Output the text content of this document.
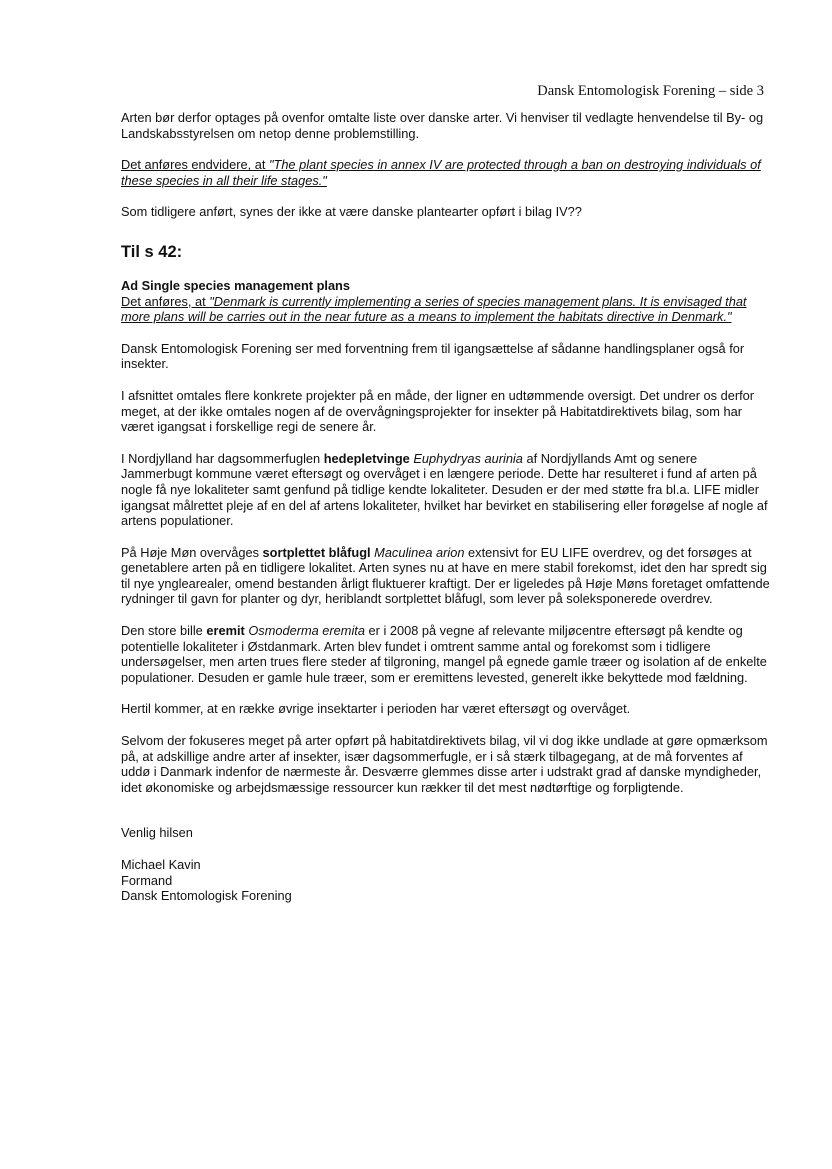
Dansk Entomologisk Forening – side 3

Arten bør derfor optages på ovenfor omtalte liste over danske arter. Vi henviser til vedlagte henvendelse til By- og Landskabsstyrelsen om netop denne problemstilling.

Det anføres endvidere, at "The plant species in annex IV are protected through a ban on destroying individuals of these species in all their life stages."

Som tidligere anført, synes der ikke at være danske plantearter opført i bilag IV??

Til s 42:

Ad Single species management plans
Det anføres, at "Denmark is currently implementing a series of species management plans. It is envisaged that more plans will be carries out in the near future as a means to implement the habitats directive in Denmark."

Dansk Entomologisk Forening ser med forventning frem til igangsættelse af sådanne handlingsplaner også for insekter.

I afsnittet omtales flere konkrete projekter på en måde, der ligner en udtømmende oversigt. Det undrer os derfor meget, at der ikke omtales nogen af de overvågningsprojekter for insekter på Habitatdirektivets bilag, som har været igangsat i forskellige regi de senere år.

I Nordjylland har dagsommerfuglen hedepletvinge Euphydryas aurinia af Nordjyllands Amt og senere Jammerbugt kommune været eftersøgt og overvåget i en længere periode. Dette har resulteret i fund af arten på nogle få nye lokaliteter samt genfund på tidlige kendte lokaliteter. Desuden er der med støtte fra bl.a. LIFE midler igangsat målrettet pleje af en del af artens lokaliteter, hvilket har bevirket en stabilisering eller forøgelse af nogle af artens populationer.

På Høje Møn overvåges sortplettet blåfugl Maculinea arion extensivt for EU LIFE overdrev, og det forsøges at genetablere arten på en tidligere lokalitet. Arten synes nu at have en mere stabil forekomst, idet den har spredt sig til nye ynglearealer, omend bestanden årligt fluktuerer kraftigt. Der er ligeledes på Høje Møns foretaget omfattende rydninger til gavn for planter og dyr, heriblandt sortplettet blåfugl, som lever på soleksponerede overdrev.

Den store bille eremit Osmoderma eremita er i 2008 på vegne af relevante miljøcentre eftersøgt på kendte og potentielle lokaliteter i Østdanmark. Arten blev fundet i omtrent samme antal og forekomst som i tidligere undersøgelser, men arten trues flere steder af tilgroning, mangel på egnede gamle træer og isolation af de enkelte populationer. Desuden er gamle hule træer, som er eremittens levested, generelt ikke bekyttede mod fældning.

Hertil kommer, at en række øvrige insektarter i perioden har været eftersøgt og overvåget.

Selvom der fokuseres meget på arter opført på habitatdirektivets bilag, vil vi dog ikke undlade at gøre opmærksom på, at adskillige andre arter af insekter, især dagsommerfugle, er i så stærk tilbagegang, at de må forventes af uddø i Danmark indenfor de nærmeste år. Desværre glemmes disse arter i udstrakt grad af danske myndigheder, idet økonomiske og arbejdsmæssige ressourcer kun rækker til det mest nødtørftige og forpligtende.

Venlig hilsen

Michael Kavin
Formand
Dansk Entomologisk Forening
